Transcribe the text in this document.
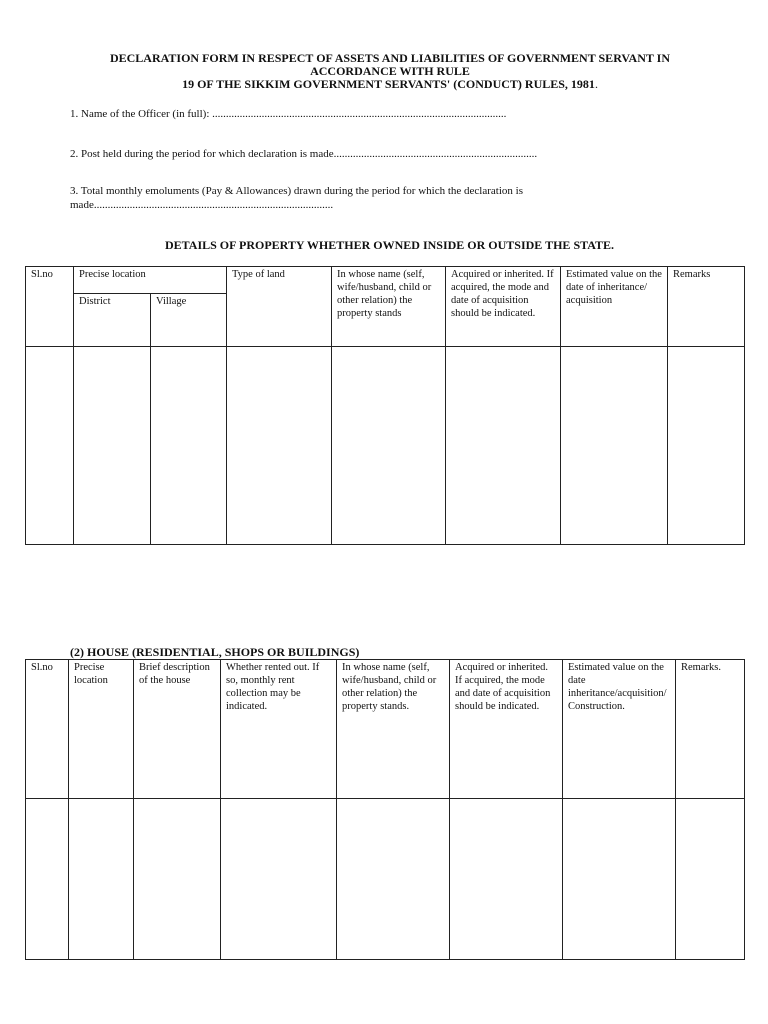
DECLARATION FORM IN RESPECT OF ASSETS AND LIABILITIES OF GOVERNMENT SERVANT IN
ACCORDANCE WITH RULE
19 OF THE SIKKIM GOVERNMENT SERVANTS' (CONDUCT) RULES, 1981.
1. Name of the Officer (in full): ...........................................................................................................
2. Post held during the period for which declaration is made..........................................................................
3. Total monthly emoluments (Pay & Allowances) drawn during the period for which the declaration is
made.......................................................................................
DETAILS OF PROPERTY WHETHER OWNED INSIDE OR OUTSIDE THE STATE.
Sl.no	Precise location		Type of land	In whose name (self, wife/husband, child or other relation) the property stands	Acquired or inherited. If acquired, the mode and date of acquisition should be indicated.	Estimated value on the date of inheritance/ acquisition	Remarks
	District	Village					

(2) HOUSE (RESIDENTIAL, SHOPS OR BUILDINGS)
Sl.no	Precise location	Brief description of the house	Whether rented out. If so, monthly rent collection may be indicated.	In whose name (self, wife/husband, child or other relation) the property stands.	Acquired or inherited. If acquired, the mode and date of acquisition should be indicated.	Estimated value on the date inheritance/acquisition/ Construction.	Remarks.
